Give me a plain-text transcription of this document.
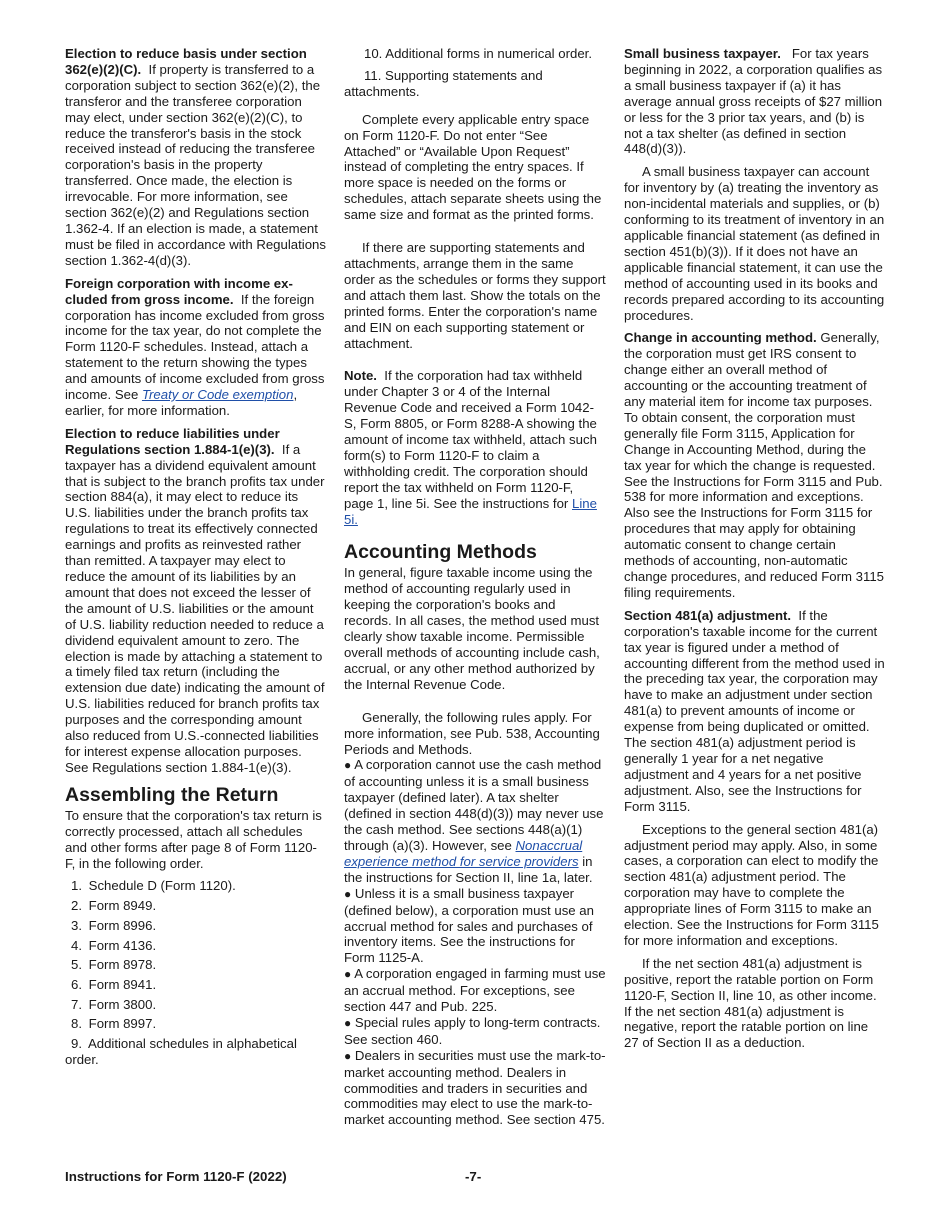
Election to reduce basis under section 362(e)(2)(C). If property is transferred to a corporation subject to section 362(e)(2), the transferor and the transferee corporation may elect, under section 362(e)(2)(C), to reduce the transferor's basis in the stock received instead of reducing the transferee corporation's basis in the property transferred. Once made, the election is irrevocable. For more information, see section 362(e)(2) and Regulations section 1.362-4. If an election is made, a statement must be filed in accordance with Regulations section 1.362-4(d)(3).

Foreign corporation with income excluded from gross income. If the foreign corporation has income excluded from gross income for the tax year, do not complete the Form 1120-F schedules. Instead, attach a statement to the return showing the types and amounts of income excluded from gross income. See Treaty or Code exemption, earlier, for more information.

Election to reduce liabilities under Regulations section 1.884-1(e)(3). If a taxpayer has a dividend equivalent amount that is subject to the branch profits tax under section 884(a), it may elect to reduce its U.S. liabilities under the branch profits tax regulations to treat its effectively connected earnings and profits as reinvested rather than remitted. A taxpayer may elect to reduce the amount of its liabilities by an amount that does not exceed the lesser of the amount of U.S. liabilities or the amount of U.S. liability reduction needed to reduce a dividend equivalent amount to zero. The election is made by attaching a statement to a timely filed tax return (including the extension due date) indicating the amount of U.S. liabilities reduced for branch profits tax purposes and the corresponding amount also reduced from U.S.-connected liabilities for interest expense allocation purposes. See Regulations section 1.884-1(e)(3).

Assembling the Return

To ensure that the corporation's tax return is correctly processed, attach all schedules and other forms after page 8 of Form 1120-F, in the following order.

1. Schedule D (Form 1120).
2. Form 8949.
3. Form 8996.
4. Form 4136.
5. Form 8978.
6. Form 8941.
7. Form 3800.
8. Form 8997.
9. Additional schedules in alphabetical order.
10. Additional forms in numerical order.
11. Supporting statements and attachments.

Complete every applicable entry space on Form 1120-F. Do not enter “See Attached” or “Available Upon Request” instead of completing the entry spaces. If more space is needed on the forms or schedules, attach separate sheets using the same size and format as the printed forms.

If there are supporting statements and attachments, arrange them in the same order as the schedules or forms they support and attach them last. Show the totals on the printed forms. Enter the corporation's name and EIN on each supporting statement or attachment.

Note. If the corporation had tax withheld under Chapter 3 or 4 of the Internal Revenue Code and received a Form 1042-S, Form 8805, or Form 8288-A showing the amount of income tax withheld, attach such form(s) to Form 1120-F to claim a withholding credit. The corporation should report the tax withheld on Form 1120-F, page 1, line 5i. See the instructions for Line 5i.

Accounting Methods

In general, figure taxable income using the method of accounting regularly used in keeping the corporation's books and records. In all cases, the method used must clearly show taxable income. Permissible overall methods of accounting include cash, accrual, or any other method authorized by the Internal Revenue Code.

Generally, the following rules apply. For more information, see Pub. 538, Accounting Periods and Methods.

● A corporation cannot use the cash method of accounting unless it is a small business taxpayer (defined later). A tax shelter (defined in section 448(d)(3)) may never use the cash method. See sections 448(a)(1) through (a)(3). However, see Nonaccrual experience method for service providers in the instructions for Section II, line 1a, later.

● Unless it is a small business taxpayer (defined below), a corporation must use an accrual method for sales and purchases of inventory items. See the instructions for Form 1125-A.

● A corporation engaged in farming must use an accrual method. For exceptions, see section 447 and Pub. 225.

● Special rules apply to long-term contracts. See section 460.

● Dealers in securities must use the mark-to-market accounting method. Dealers in commodities and traders in securities and commodities may elect to use the mark-to-market accounting method. See section 475.

Small business taxpayer. For tax years beginning in 2022, a corporation qualifies as a small business taxpayer if (a) it has average annual gross receipts of $27 million or less for the 3 prior tax years, and (b) is not a tax shelter (as defined in section 448(d)(3)).

A small business taxpayer can account for inventory by (a) treating the inventory as non-incidental materials and supplies, or (b) conforming to its treatment of inventory in an applicable financial statement (as defined in section 451(b)(3)). If it does not have an applicable financial statement, it can use the method of accounting used in its books and records prepared according to its accounting procedures.

Change in accounting method. Generally, the corporation must get IRS consent to change either an overall method of accounting or the accounting treatment of any material item for income tax purposes. To obtain consent, the corporation must generally file Form 3115, Application for Change in Accounting Method, during the tax year for which the change is requested. See the Instructions for Form 3115 and Pub. 538 for more information and exceptions. Also see the Instructions for Form 3115 for procedures that may apply for obtaining automatic consent to change certain methods of accounting, non-automatic change procedures, and reduced Form 3115 filing requirements.

Section 481(a) adjustment. If the corporation's taxable income for the current tax year is figured under a method of accounting different from the method used in the preceding tax year, the corporation may have to make an adjustment under section 481(a) to prevent amounts of income or expense from being duplicated or omitted. The section 481(a) adjustment period is generally 1 year for a net negative adjustment and 4 years for a net positive adjustment. Also, see the Instructions for Form 3115.

Exceptions to the general section 481(a) adjustment period may apply. Also, in some cases, a corporation can elect to modify the section 481(a) adjustment period. The corporation may have to complete the appropriate lines of Form 3115 to make an election. See the Instructions for Form 3115 for more information and exceptions.

If the net section 481(a) adjustment is positive, report the ratable portion on Form 1120-F, Section II, line 10, as other income. If the net section 481(a) adjustment is negative, report the ratable portion on line 27 of Section II as a deduction.

Instructions for Form 1120-F (2022)	-7-
